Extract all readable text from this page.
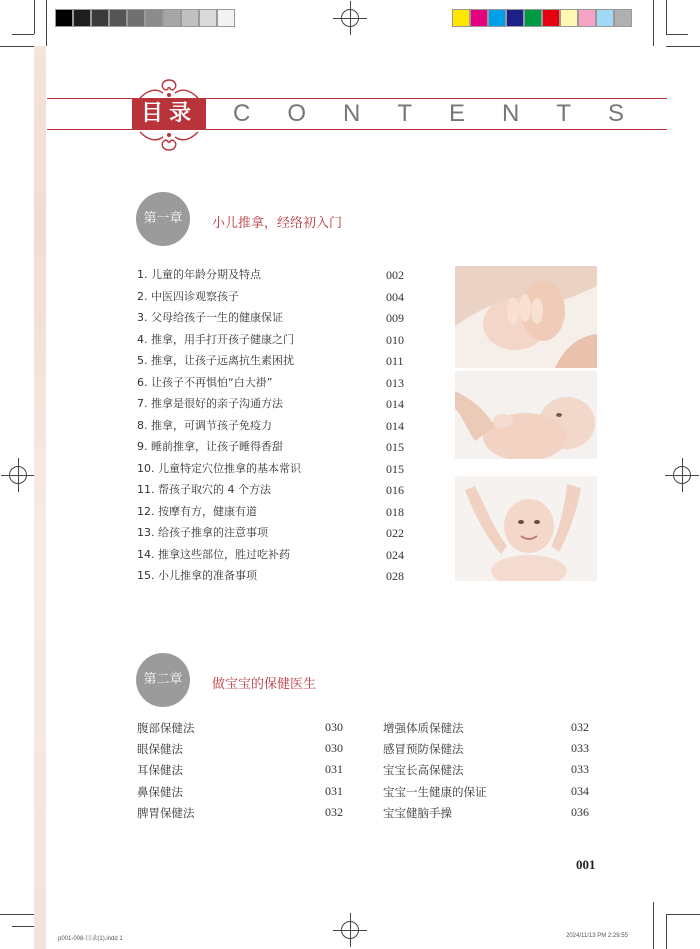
目录	CONTENTS
第一章	小儿推拿，经络初入门
1. 儿童的年龄分期及特点	002
2. 中医四诊观察孩子	004
3. 父母给孩子一生的健康保证	009
4. 推拿，用手打开孩子健康之门	010
5. 推拿，让孩子远离抗生素困扰	011
6. 让孩子不再惧怕“白大褂”	013
7. 推拿是很好的亲子沟通方法	014
8. 推拿，可调节孩子免疫力	014
9. 睡前推拿，让孩子睡得香甜	015
10. 儿童特定穴位推拿的基本常识	015
11. 帮孩子取穴的 4 个方法	016
12. 按摩有方，健康有道	018
13. 给孩子推拿的注意事项	022
14. 推拿这些部位，胜过吃补药	024
15. 小儿推拿的准备事项	028
第二章	做宝宝的保健医生
腹部保健法	030
眼保健法	030
耳保健法	031
鼻保健法	031
脾胃保健法	032
增强体质保健法	032
感冒预防保健法	033
宝宝长高保健法	033
宝宝一生健康的保证	034
宝宝健脑手操	036
001
p001-008-目录(1).indd 1	2024/11/13 PM 2:29:55
